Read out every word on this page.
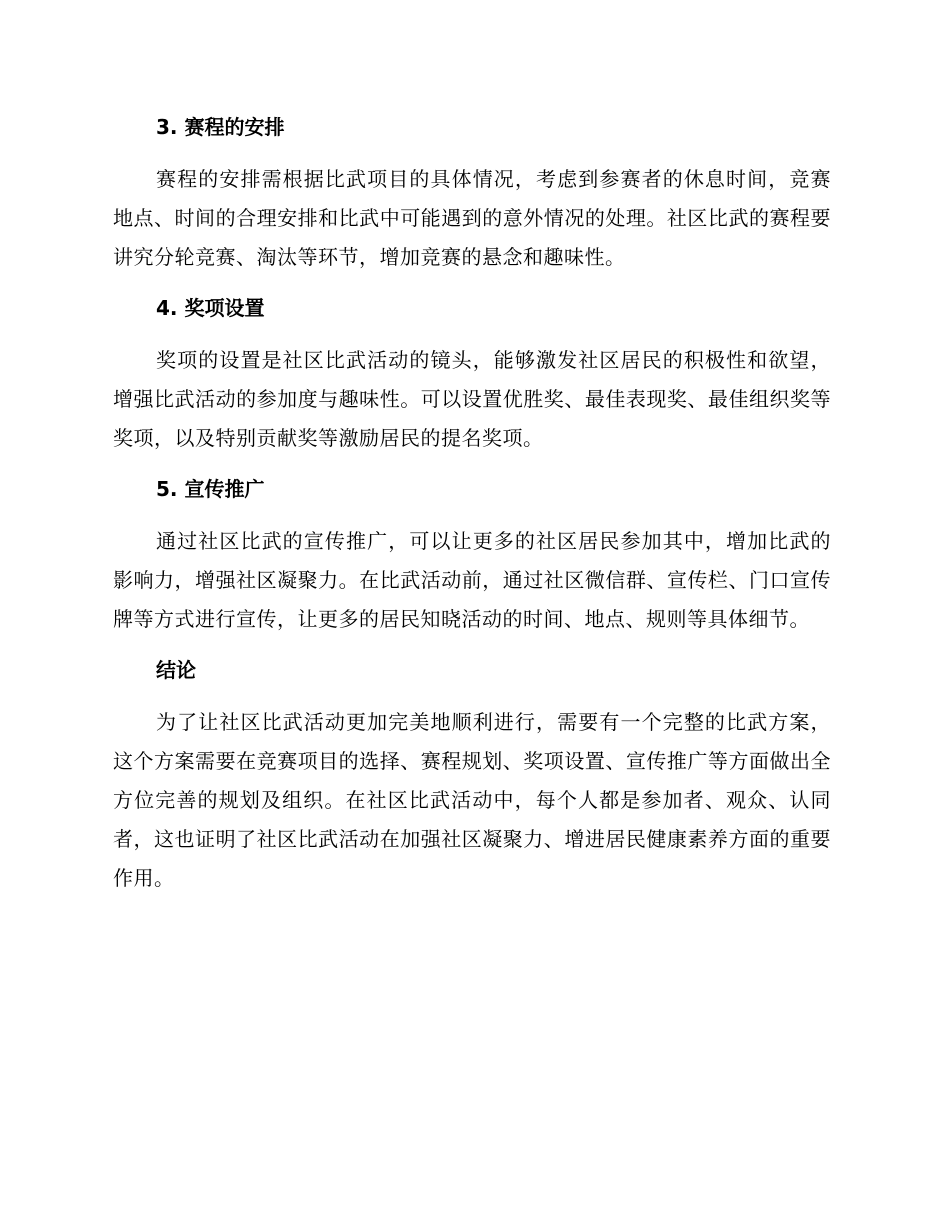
3. 赛程的安排

赛程的安排需根据比武项目的具体情况，考虑到参赛者的休息时间，竞赛地点、时间的合理安排和比武中可能遇到的意外情况的处理。社区比武的赛程要讲究分轮竞赛、淘汰等环节，增加竞赛的悬念和趣味性。

4. 奖项设置

奖项的设置是社区比武活动的镜头，能够激发社区居民的积极性和欲望，增强比武活动的参加度与趣味性。可以设置优胜奖、最佳表现奖、最佳组织奖等奖项，以及特别贡献奖等激励居民的提名奖项。

5. 宣传推广

通过社区比武的宣传推广，可以让更多的社区居民参加其中，增加比武的影响力，增强社区凝聚力。在比武活动前，通过社区微信群、宣传栏、门口宣传牌等方式进行宣传，让更多的居民知晓活动的时间、地点、规则等具体细节。

结论

为了让社区比武活动更加完美地顺利进行，需要有一个完整的比武方案，这个方案需要在竞赛项目的选择、赛程规划、奖项设置、宣传推广等方面做出全方位完善的规划及组织。在社区比武活动中，每个人都是参加者、观众、认同者，这也证明了社区比武活动在加强社区凝聚力、增进居民健康素养方面的重要作用。
